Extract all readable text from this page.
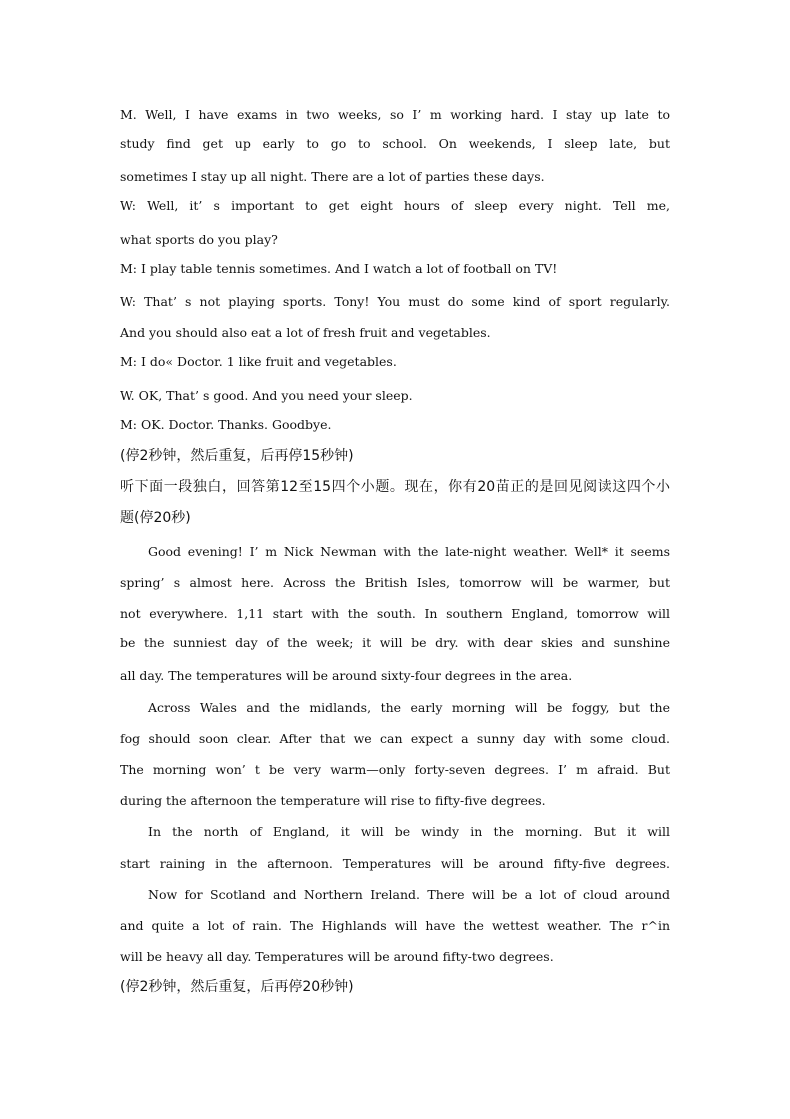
M. Well, I have exams in two weeks, so I’ m working hard. I stay up late to
study find get up early to go to school. On weekends, I sleep late, but
sometimes I stay up all night. There are a lot of parties these days.
W: Well, it’ s important to get eight hours of sleep every night. Tell me,
what sports do you play?
M: I play table tennis sometimes. And I watch a lot of football on TV!
W: That’ s not playing sports. Tony! You must do some kind of sport regularly.
And you should also eat a lot of fresh fruit and vegetables.
M: I do« Doctor. 1 like fruit and vegetables.
W. OK, That’ s good. And you need your sleep.
M: OK. Doctor. Thanks. Goodbye.
(停2秒钟，然后重复，后再停15秒钟)
听下面一段独白，回答第12至15四个小题。现在，你有20苗正的是回见阅读这四个小
题(停20秒)
Good evening! I’ m Nick Newman with the late-night weather. Well* it seems
spring’ s almost here. Across the British Isles, tomorrow will be warmer, but
not everywhere. 1,11 start with the south. In southern England, tomorrow will
be the sunniest day of the week; it will be dry. with dear skies and sunshine
all day. The temperatures will be around sixty-four degrees in the area.
Across Wales and the midlands, the early morning will be foggy, but the
fog should soon clear. After that we can expect a sunny day with some cloud.
The morning won’ t be very warm—only forty-seven degrees. I’ m afraid. But
during the afternoon the temperature will rise to fifty-five degrees.
In the north of England, it will be windy in the morning. But it will
start raining in the afternoon. Temperatures will be around fifty-five degrees.
Now for Scotland and Northern Ireland. There will be a lot of cloud around
and quite a lot of rain. The Highlands will have the wettest weather. The r^in
will be heavy all day. Temperatures will be around fifty-two degrees.
(停2秒钟，然后重复，后再停20秒钟)
